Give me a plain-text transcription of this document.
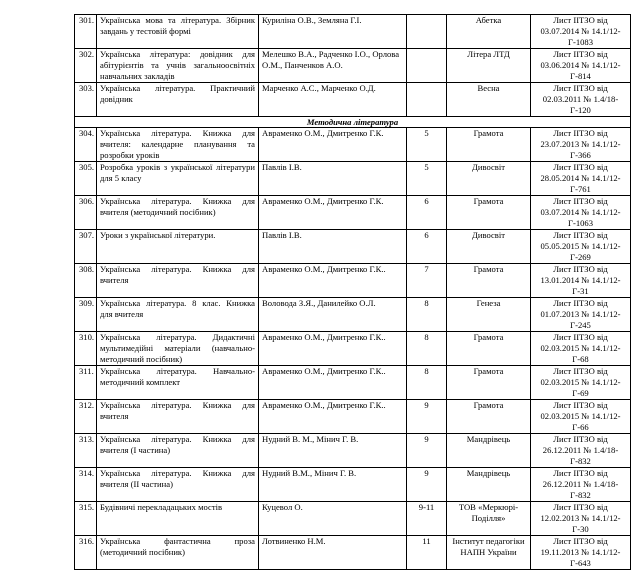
301.	Українська мова та література. Збірник завдань у тестовій формі	Куриліна О.В., Земляна Г.І.		Абетка	Лист ІІТЗО від 03.07.2014 № 14.1/12-Г-1083
302.	Українська література: довідник для абітурієнтів та учнів загальноосвітніх навчальних закладів	Мелешко В.А., Радченко І.О., Орлова О.М., Панченков А.О.		Літера ЛТД	Лист ІІТЗО від 03.06.2014 № 14.1/12-Г-814
303.	Українська література. Практичний довідник	Марченко А.С., Марченко О.Д.		Весна	Лист ІІТЗО від 02.03.2011 № 1.4/18-Г-120
Методична література					
304.	Українська література. Книжка для вчителя: календарне планування та розробки уроків	Авраменко О.М., Дмитренко Г.К.	5	Грамота	Лист ІІТЗО від 23.07.2013 № 14.1/12-Г-366
305.	Розробка уроків з української літератури для 5 класу	Павлів І.В.	5	Дивосвіт	Лист ІІТЗО від 28.05.2014 № 14.1/12-Г-761
306.	Українська література. Книжка для вчителя (методичний посібник)	Авраменко О.М., Дмитренко Г.К.	6	Грамота	Лист ІІТЗО від 03.07.2014 № 14.1/12-Г-1063
307.	Уроки з української літератури.	Павлів І.В.	6	Дивосвіт	Лист ІІТЗО від 05.05.2015 № 14.1/12-Г-269
308.	Українська література. Книжка для вчителя	Авраменко О.М., Дмитренко Г.К..	7	Грамота	Лист ІІТЗО від 13.01.2014 № 14.1/12-Г-31
309.	Українська література. 8 клас. Книжка для вчителя	Воловода З.Я., Данилейко О.Л.	8	Генеза	Лист ІІТЗО від 01.07.2013 № 14.1/12-Г-245
310.	Українська література. Дидактичні мультимедійні матеріали (навчально-методичний посібник)	Авраменко О.М., Дмитренко Г.К..	8	Грамота	Лист ІІТЗО від 02.03.2015 № 14.1/12-Г-68
311.	Українська література. Навчально-методичний комплект	Авраменко О.М., Дмитренко Г.К..	8	Грамота	Лист ІІТЗО від 02.03.2015 № 14.1/12-Г-69
312.	Українська література. Книжка для вчителя	Авраменко О.М., Дмитренко Г.К..	9	Грамота	Лист ІІТЗО від 02.03.2015 № 14.1/12-Г-66
313.	Українська література. Книжка для вчителя (І частина)	Нудний В. М., Мінич Г. В.	9	Мандрівець	Лист ІІТЗО від 26.12.2011 № 1.4/18-Г-832
314.	Українська література. Книжка для вчителя (ІІ частина)	Нудний В.М., Мінич Г. В.	9	Мандрівець	Лист ІІТЗО від 26.12.2011 № 1.4/18-Г-832
315.	Будівничі перекладацьких мостів	Куцевол О.	9-11	ТОВ «Меркюрі-Поділля»	Лист ІІТЗО від 12.02.2013 № 14.1/12-Г-30
316.	Українська фантастична проза (методичний посібник)	Лотвиненко Н.М.	11	Інститут педагогіки НАПН України	Лист ІІТЗО від 19.11.2013 № 14.1/12-Г-643
